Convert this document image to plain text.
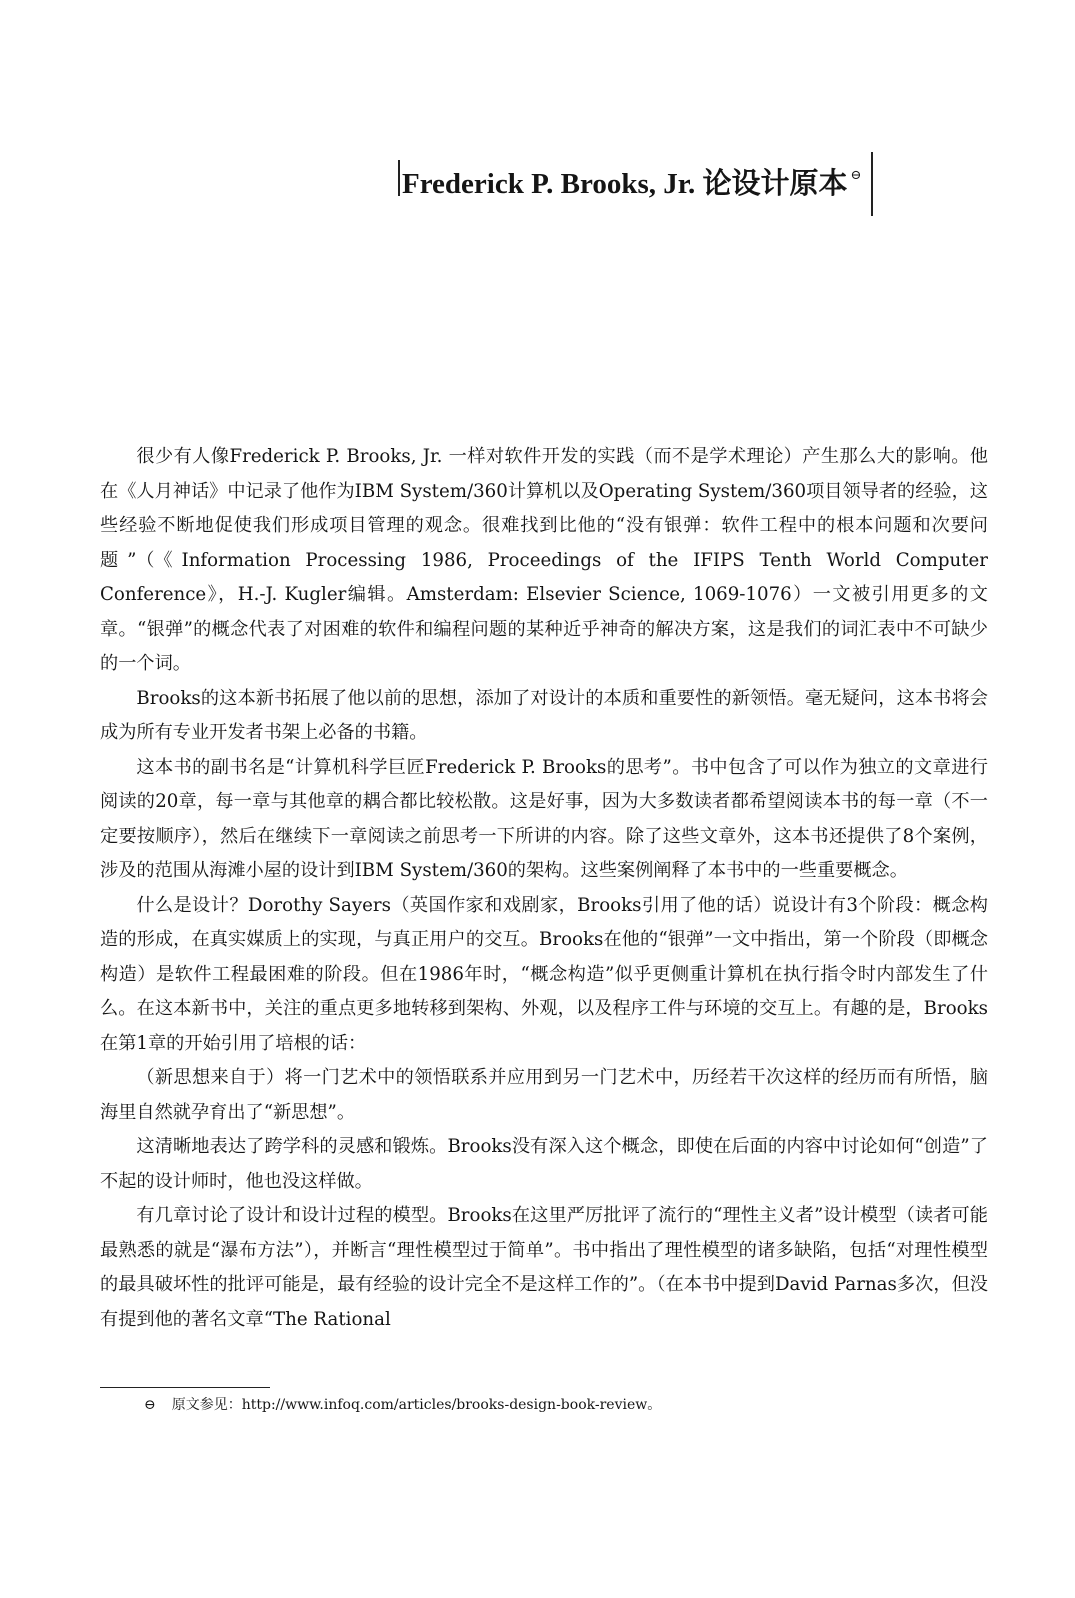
Frederick P. Brooks, Jr. 论设计原本 ⊖

很少有人像Frederick P. Brooks, Jr. 一样对软件开发的实践（而不是学术理论）产生那么大的影响。他在《人月神话》中记录了他作为IBM System/360计算机以及Operating System/360项目领导者的经验，这些经验不断地促使我们形成项目管理的观念。很难找到比他的“没有银弹：软件工程中的根本问题和次要问题”（《Information Processing 1986, Proceedings of the IFIPS Tenth World Computer Conference》，H.-J. Kugler编辑。Amsterdam: Elsevier Science, 1069-1076）一文被引用更多的文章。“银弹”的概念代表了对困难的软件和编程问题的某种近乎神奇的解决方案，这是我们的词汇表中不可缺少的一个词。

Brooks的这本新书拓展了他以前的思想，添加了对设计的本质和重要性的新领悟。毫无疑问，这本书将会成为所有专业开发者书架上必备的书籍。

这本书的副书名是“计算机科学巨匠Frederick P. Brooks的思考”。书中包含了可以作为独立的文章进行阅读的20章，每一章与其他章的耦合都比较松散。这是好事，因为大多数读者都希望阅读本书的每一章（不一定要按顺序），然后在继续下一章阅读之前思考一下所讲的内容。除了这些文章外，这本书还提供了8个案例，涉及的范围从海滩小屋的设计到IBM System/360的架构。这些案例阐释了本书中的一些重要概念。

什么是设计？Dorothy Sayers（英国作家和戏剧家，Brooks引用了他的话）说设计有3个阶段：概念构造的形成，在真实媒质上的实现，与真正用户的交互。Brooks在他的“银弹”一文中指出，第一个阶段（即概念构造）是软件工程最困难的阶段。但在1986年时，“概念构造”似乎更侧重计算机在执行指令时内部发生了什么。在这本新书中，关注的重点更多地转移到架构、外观，以及程序工件与环境的交互上。有趣的是，Brooks在第1章的开始引用了培根的话：

（新思想来自于）将一门艺术中的领悟联系并应用到另一门艺术中，历经若干次这样的经历而有所悟，脑海里自然就孕育出了“新思想”。

这清晰地表达了跨学科的灵感和锻炼。Brooks没有深入这个概念，即使在后面的内容中讨论如何“创造”了不起的设计师时，他也没这样做。

有几章讨论了设计和设计过程的模型。Brooks在这里严厉批评了流行的“理性主义者”设计模型（读者可能最熟悉的就是“瀑布方法”），并断言“理性模型过于简单”。书中指出了理性模型的诸多缺陷，包括“对理性模型的最具破坏性的批评可能是，最有经验的设计完全不是这样工作的”。（在本书中提到David Parnas多次，但没有提到他的著名文章“The Rational

⊖ 原文参见：http://www.infoq.com/articles/brooks-design-book-review。
